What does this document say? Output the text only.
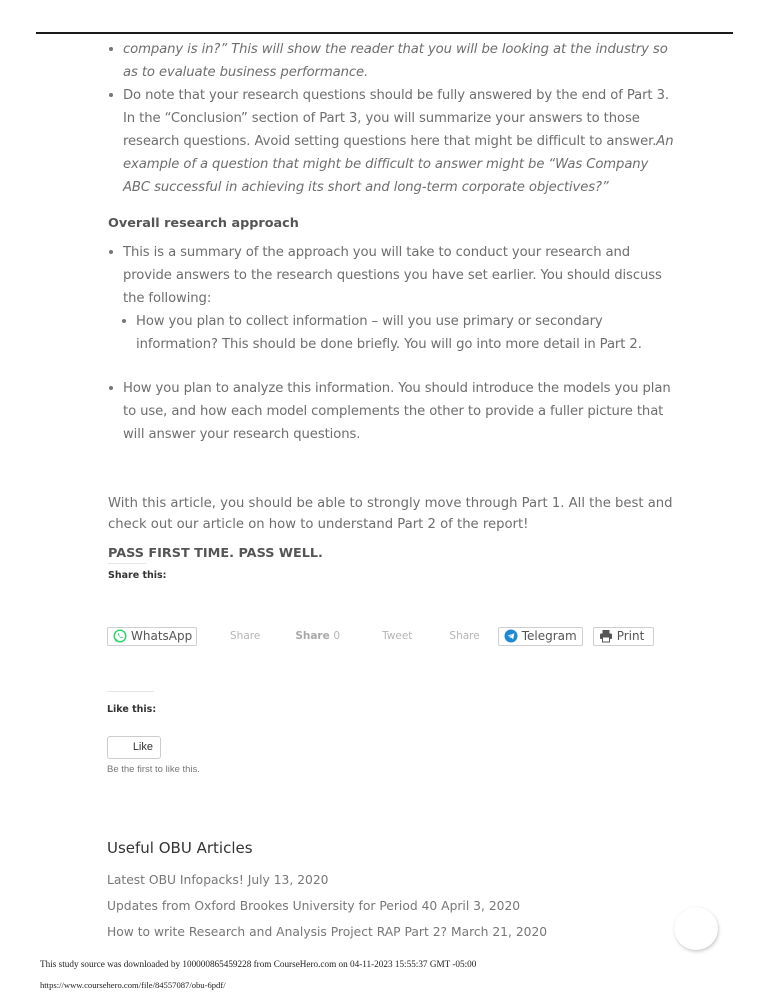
company is in?” This will show the reader that you will be looking at the industry so as to evaluate business performance.
Do note that your research questions should be fully answered by the end of Part 3. In the “Conclusion” section of Part 3, you will summarize your answers to those research questions. Avoid setting questions here that might be difficult to answer.An example of a question that might be difficult to answer might be “Was Company ABC successful in achieving its short and long-term corporate objectives?”
Overall research approach
This is a summary of the approach you will take to conduct your research and provide answers to the research questions you have set earlier. You should discuss the following:
How you plan to collect information – will you use primary or secondary information? This should be done briefly. You will go into more detail in Part 2.
How you plan to analyze this information. You should introduce the models you plan to use, and how each model complements the other to provide a fuller picture that will answer your research questions.

With this article, you should be able to strongly move through Part 1. All the best and check out our article on how to understand Part 2 of the report!

PASS FIRST TIME. PASS WELL.
Share this:
WhatsApp	Share	Share 0	Tweet	Share	Telegram	Print
Like this:
Like
Be the first to like this.
Useful OBU Articles
Latest OBU Infopacks! July 13, 2020
Updates from Oxford Brookes University for Period 40 April 3, 2020
How to write Research and Analysis Project RAP Part 2? March 21, 2020
This study source was downloaded by 100000865459228 from CourseHero.com on 04-11-2023 15:55:37 GMT -05:00
https://www.coursehero.com/file/84557087/obu-6pdf/
